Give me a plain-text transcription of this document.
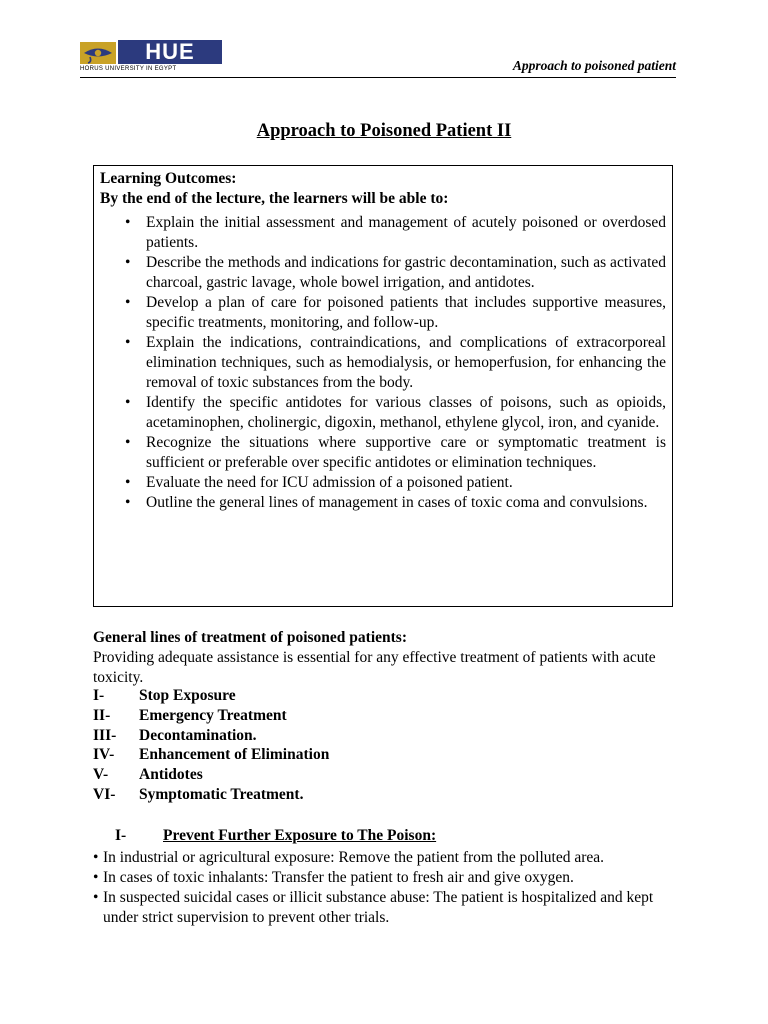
HUE
HORUS UNIVERSITY IN EGYPT	Approach to poisoned patient
Approach to Poisoned Patient II
Learning Outcomes:
By the end of the lecture, the learners will be able to:
• Explain the initial assessment and management of acutely poisoned or overdosed patients.
• Describe the methods and indications for gastric decontamination, such as activated charcoal, gastric lavage, whole bowel irrigation, and antidotes.
• Develop a plan of care for poisoned patients that includes supportive measures, specific treatments, monitoring, and follow-up.
• Explain the indications, contraindications, and complications of extracorporeal elimination techniques, such as hemodialysis, or hemoperfusion, for enhancing the removal of toxic substances from the body.
• Identify the specific antidotes for various classes of poisons, such as opioids, acetaminophen, cholinergic, digoxin, methanol, ethylene glycol, iron, and cyanide.
• Recognize the situations where supportive care or symptomatic treatment is sufficient or preferable over specific antidotes or elimination techniques.
• Evaluate the need for ICU admission of a poisoned patient.
• Outline the general lines of management in cases of toxic coma and convulsions.
General lines of treatment of poisoned patients:
Providing adequate assistance is essential for any effective treatment of patients with acute toxicity.
I- Stop Exposure
II- Emergency Treatment
III- Decontamination.
IV- Enhancement of Elimination
V- Antidotes
VI- Symptomatic Treatment.
I- Prevent Further Exposure to The Poison:
• In industrial or agricultural exposure: Remove the patient from the polluted area.
• In cases of toxic inhalants: Transfer the patient to fresh air and give oxygen.
• In suspected suicidal cases or illicit substance abuse: The patient is hospitalized and kept under strict supervision to prevent other trials.
